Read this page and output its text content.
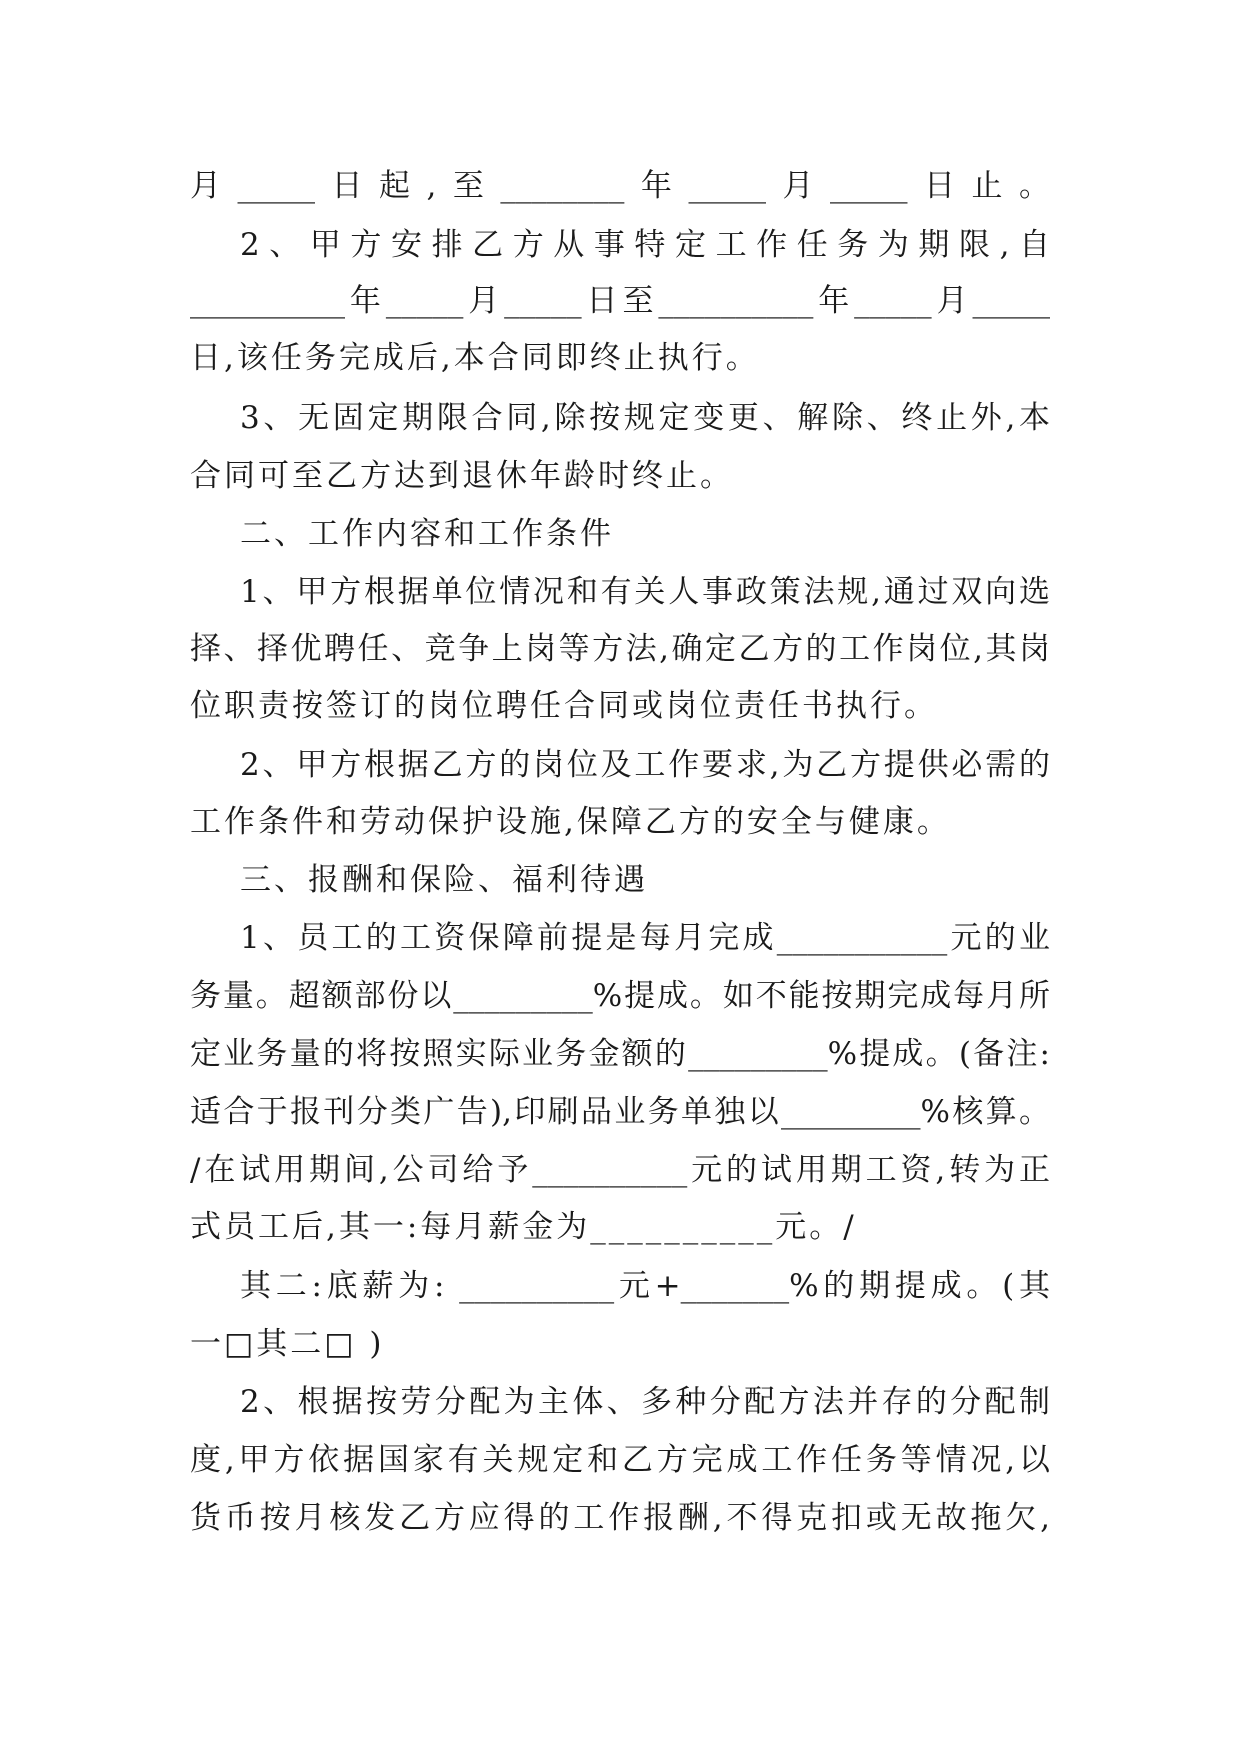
月_____日起,至________年_____月_____日止。
2、甲方安排乙方从事特定工作任务为期限,自
__________年_____月_____日至__________年_____月_____
日,该任务完成后,本合同即终止执行。
3、无固定期限合同,除按规定变更、解除、终止外,本
合同可至乙方达到退休年龄时终止。
二、工作内容和工作条件
1、甲方根据单位情况和有关人事政策法规,通过双向选
择、择优聘任、竞争上岗等方法,确定乙方的工作岗位,其岗
位职责按签订的岗位聘任合同或岗位责任书执行。
2、甲方根据乙方的岗位及工作要求,为乙方提供必需的
工作条件和劳动保护设施,保障乙方的安全与健康。
三、报酬和保险、福利待遇
1、员工的工资保障前提是每月完成___________元的业
务量。超额部份以_________%提成。如不能按期完成每月所
定业务量的将按照实际业务金额的_________%提成。(备注:
适合于报刊分类广告),印刷品业务单独以_________%核算。
/在试用期间,公司给予__________元的试用期工资,转为正
式员工后,其一:每月薪金为__________元。/
其二:底薪为: __________元+_______%的期提成。(其
一□其二□ )
2、根据按劳分配为主体、多种分配方法并存的分配制
度,甲方依据国家有关规定和乙方完成工作任务等情况,以
货币按月核发乙方应得的工作报酬,不得克扣或无故拖欠,
